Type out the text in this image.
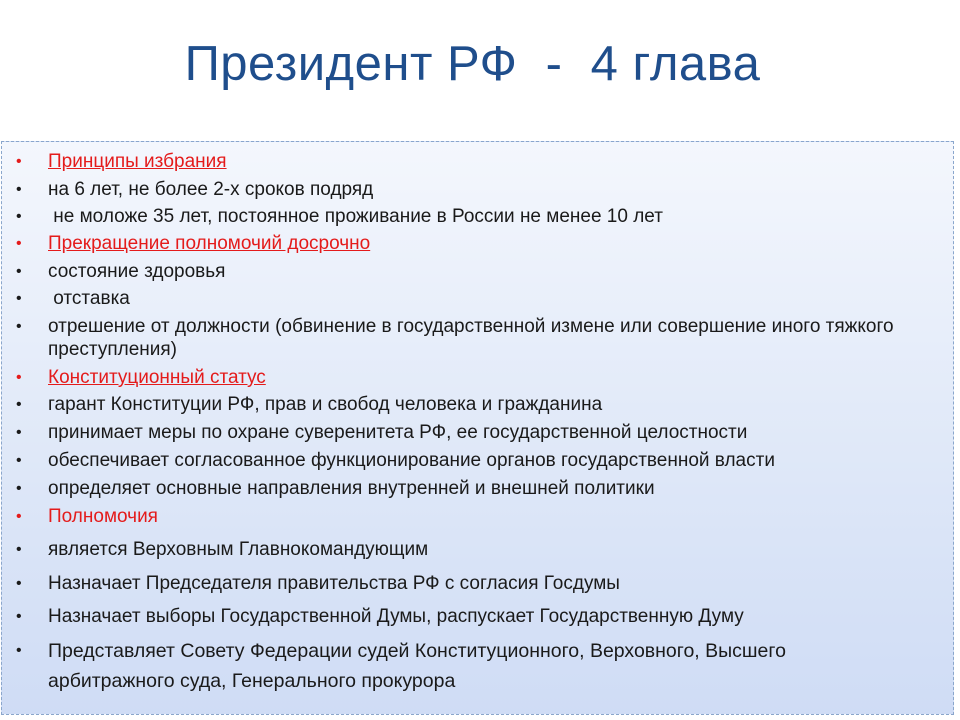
Президент РФ  -  4 глава
•	Принципы избрания
•	на 6 лет, не более 2-х сроков подряд
•	не моложе 35 лет, постоянное проживание в России не менее 10 лет
•	Прекращение полномочий досрочно
•	состояние здоровья
•	отставка
•	отрешение от должности (обвинение в государственной измене или совершение иного тяжкого преступления)
•	Конституционный статус
•	гарант Конституции РФ, прав и свобод человека и гражданина
•	принимает меры по охране суверенитета РФ, ее государственной целостности
•	обеспечивает согласованное функционирование органов государственной власти
•	определяет основные направления внутренней и внешней политики
•	Полномочия
•	является Верховным Главнокомандующим
•	Назначает Председателя правительства РФ с согласия Госдумы
•	Назначает выборы Государственной Думы, распускает Государственную Думу
•	Представляет Совету Федерации судей Конституционного, Верховного, Высшего арбитражного суда, Генерального прокурора
